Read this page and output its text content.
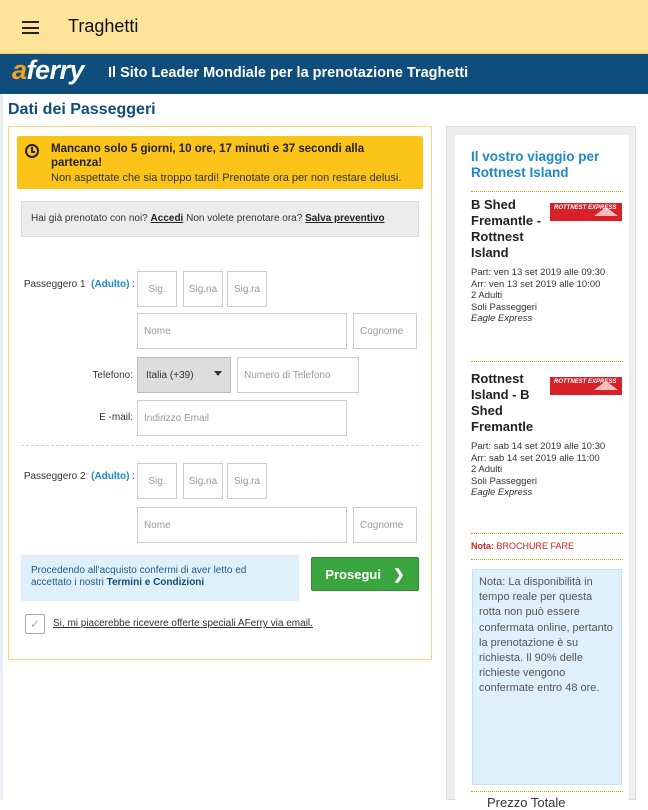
Traghetti
aferry Il Sito Leader Mondiale per la prenotazione Traghetti
Dati dei Passeggeri
Mancano solo 5 giorni, 10 ore, 17 minuti e 37 secondi alla partenza!
Non aspettate che sia troppo tardi! Prenotate ora per non restare delusi.
Hai già prenotato con noi? Accedi Non volete prenotare ora? Salva preventivo
Passeggero 1 (Adulto) :	Sig.	Sig.na	Sig.ra
Nome	Cognome
Telefono: Italia (+39)	Numero di Telefono
E -mail:	Indirizzo Email
Passeggero 2 (Adulto) :	Sig.	Sig.na	Sig.ra
Nome	Cognome
Procedendo all'acquisto confermi di aver letto ed accettato i nostri Termini e Condizioni
Prosegui ❯
✓	Si, mi piacerebbe ricevere offerte speciali AFerry via email.
Il vostro viaggio per Rottnest Island
B Shed Fremantle - Rottnest Island
ROTTNEST EXPRESS
Part: ven 13 set 2019 alle 09:30
Arr: ven 13 set 2019 alle 10:00
2 Adulti
Soli Passeggeri
Eagle Express
Rottnest Island - B Shed Fremantle
ROTTNEST EXPRESS
Part: sab 14 set 2019 alle 10:30
Arr: sab 14 set 2019 alle 11:00
2 Adulti
Soli Passeggeri
Eagle Express
Nota: BROCHURE FARE
Nota: La disponibilità in tempo reale per questa rotta non può essere confermata online, pertanto la prenotazione è su richiesta. Il 90% delle richieste vengono confermate entro 48 ore.
Prezzo Totale
